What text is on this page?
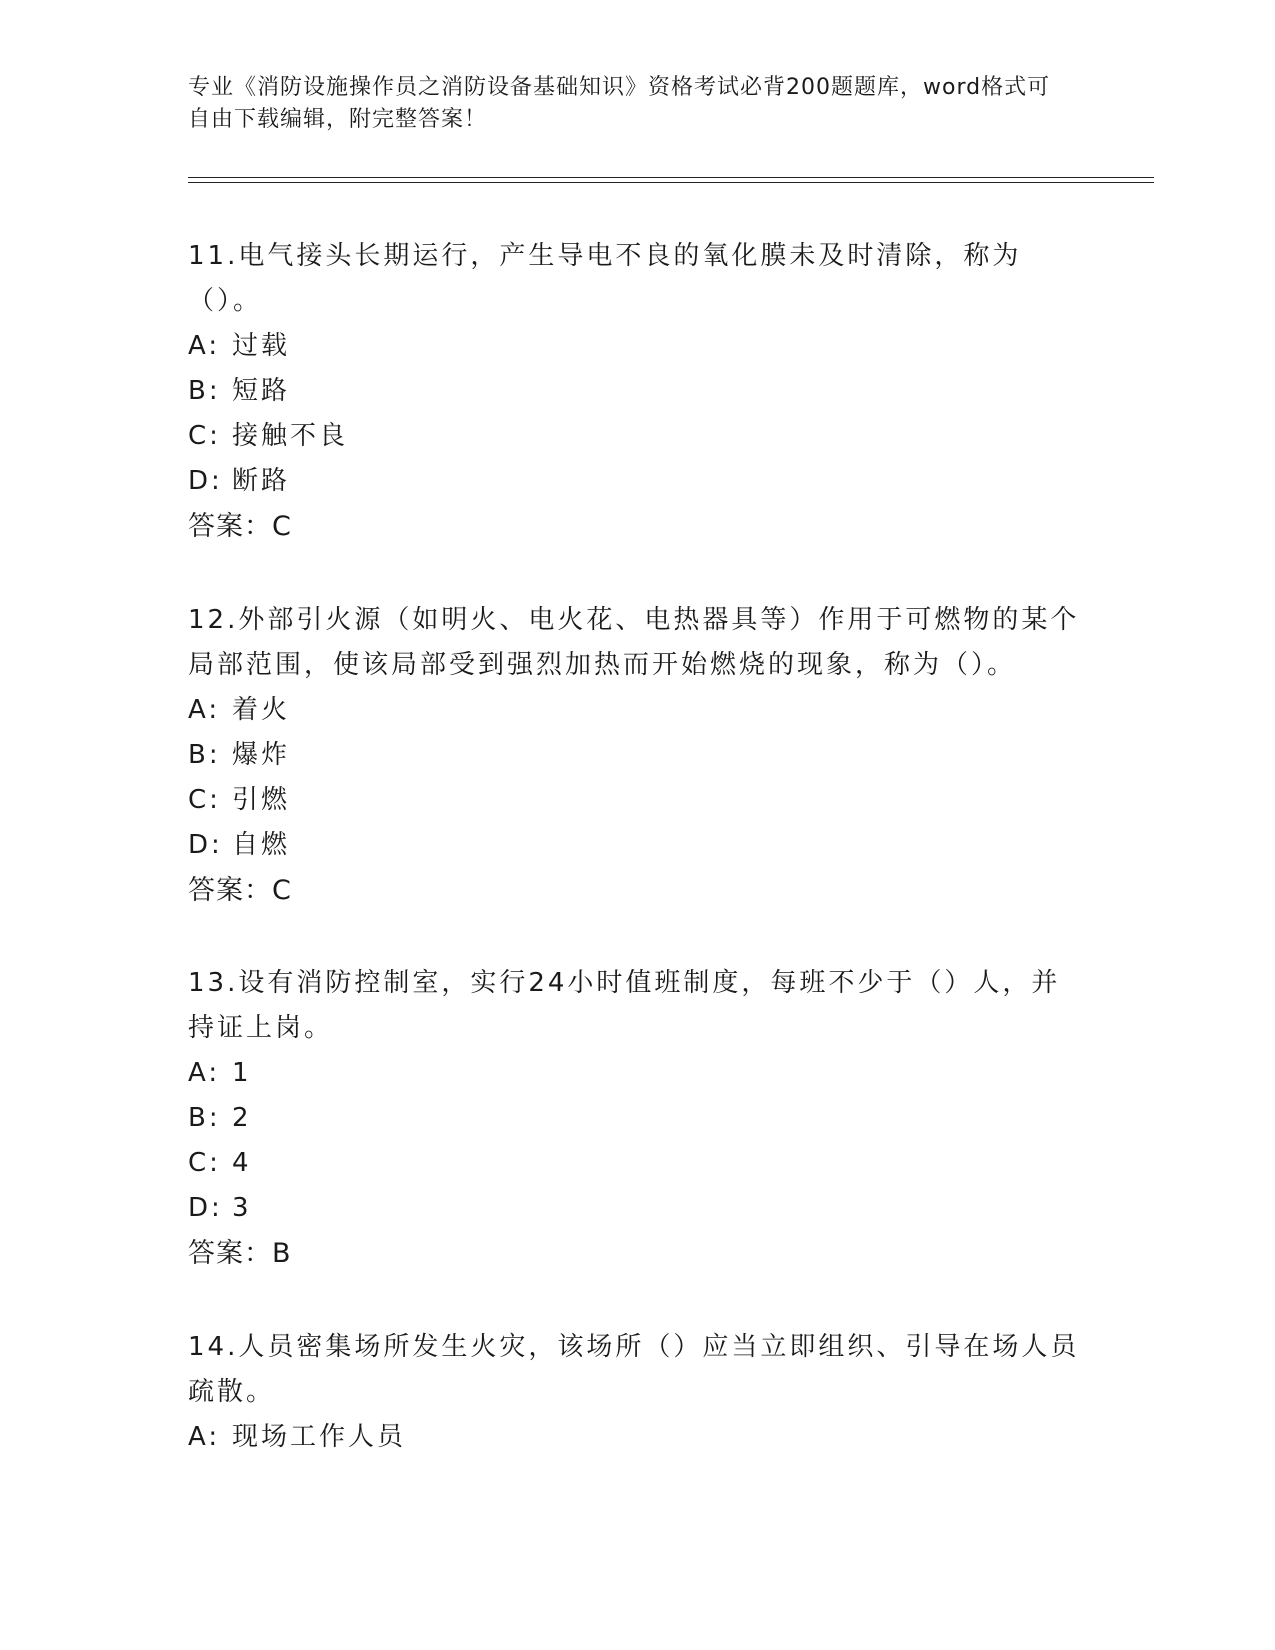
专业《消防设施操作员之消防设备基础知识》资格考试必背200题题库，word格式可自由下载编辑，附完整答案！

11.电气接头长期运行，产生导电不良的氧化膜未及时清除，称为（）。

A: 过载

B: 短路

C: 接触不良

D: 断路

答案：C

12.外部引火源（如明火、电火花、电热器具等）作用于可燃物的某个局部范围，使该局部受到强烈加热而开始燃烧的现象，称为（）。

A: 着火

B: 爆炸

C: 引燃

D: 自燃

答案：C

13.设有消防控制室，实行24小时值班制度，每班不少于（）人，并持证上岗。

A: 1

B: 2

C: 4

D: 3

答案：B

14.人员密集场所发生火灾，该场所（）应当立即组织、引导在场人员疏散。

A: 现场工作人员
